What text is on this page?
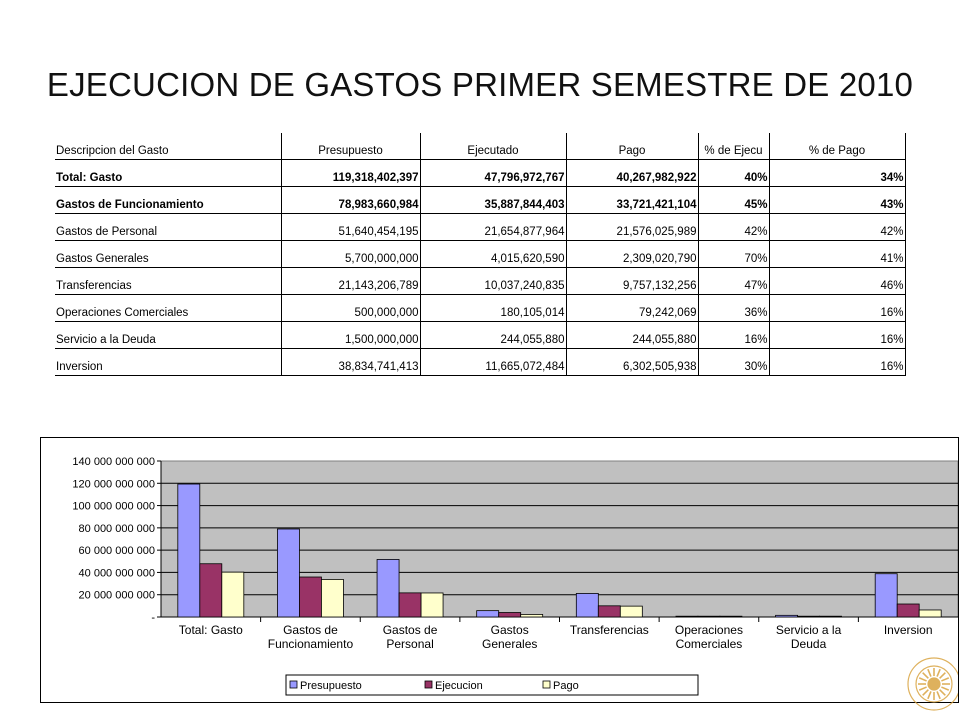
EJECUCION DE GASTOS PRIMER SEMESTRE DE 2010
Descripcion del Gasto	Presupuesto	Ejecutado	Pago	% de Ejecu	% de Pago
Total: Gasto	119,318,402,397	47,796,972,767	40,267,982,922	40%	34%
Gastos de Funcionamiento	78,983,660,984	35,887,844,403	33,721,421,104	45%	43%
Gastos de Personal	51,640,454,195	21,654,877,964	21,576,025,989	42%	42%
Gastos Generales	5,700,000,000	4,015,620,590	2,309,020,790	70%	41%
Transferencias	21,143,206,789	10,037,240,835	9,757,132,256	47%	46%
Operaciones Comerciales	500,000,000	180,105,014	79,242,069	36%	16%
Servicio a la Deuda	1,500,000,000	244,055,880	244,055,880	16%	16%
Inversion	38,834,741,413	11,665,072,484	6,302,505,938	30%	16%
-
20 000 000 000
40 000 000 000
60 000 000 000
80 000 000 000
100 000 000 000
120 000 000 000
140 000 000 000
Total: Gasto	Gastos de
Funcionamiento
Gastos de
Personal
Gastos
Generales
Transferencias Operaciones
Comerciales
Servicio a la
Deuda
Inversion
Presupuesto	Ejecucion	Pago
